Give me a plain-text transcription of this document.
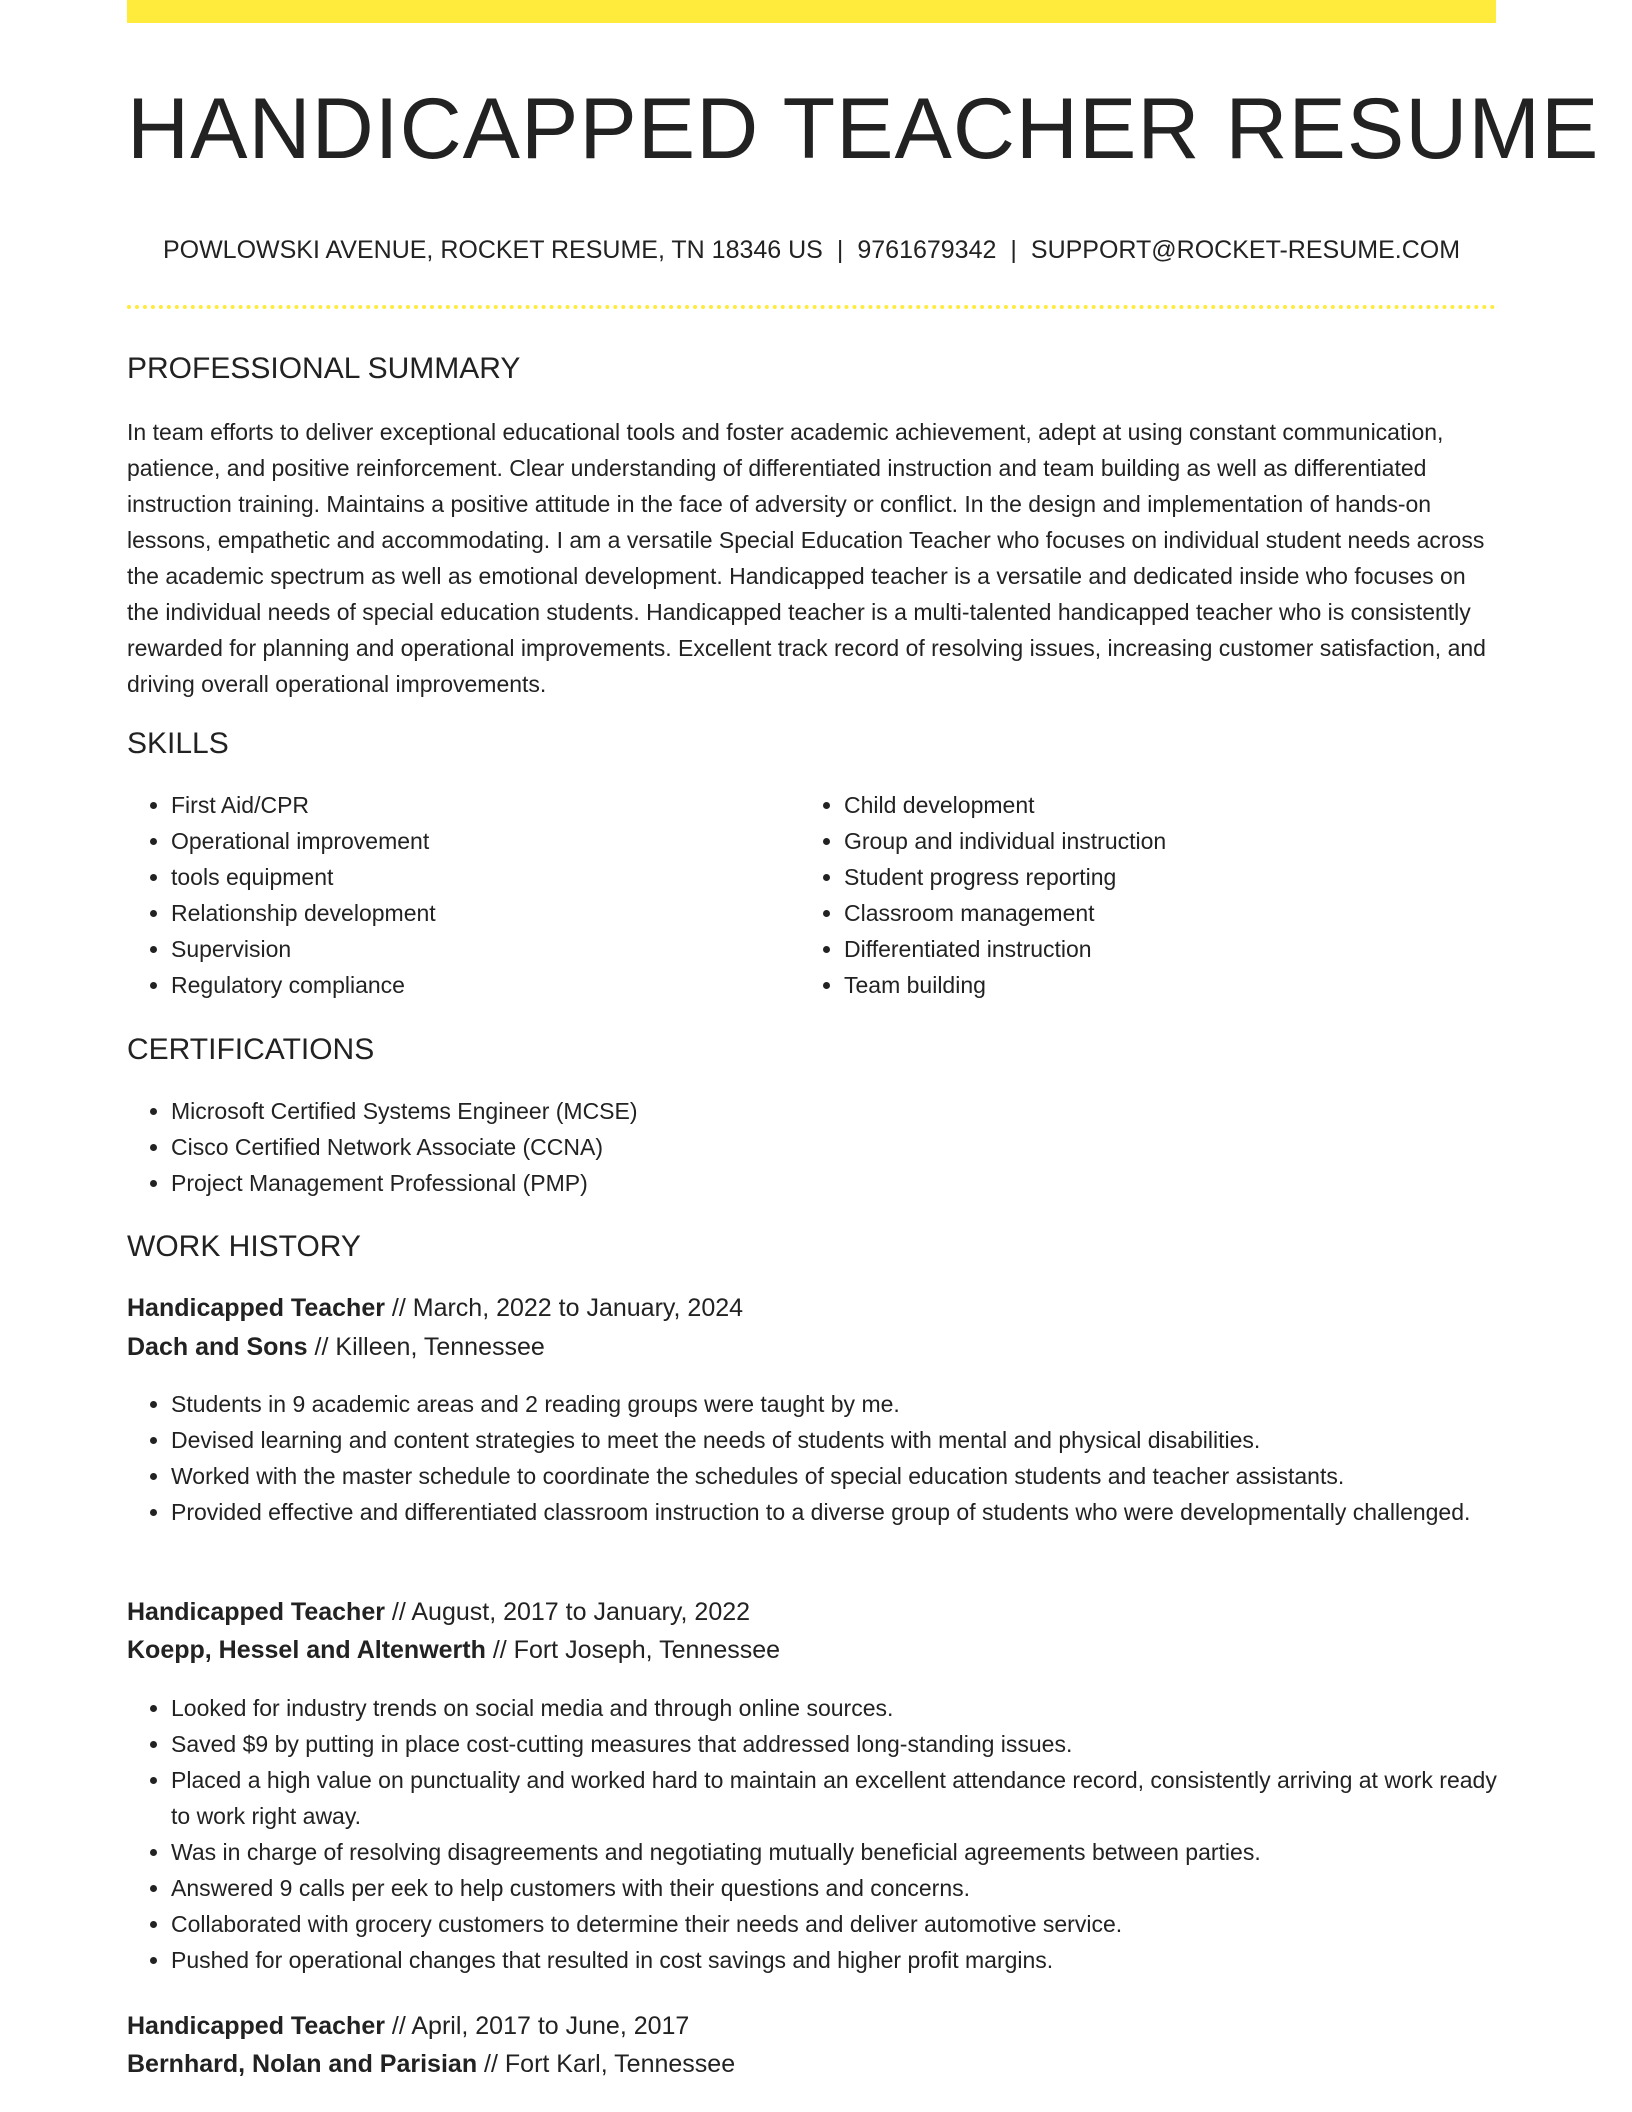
HANDICAPPED TEACHER RESUME
POWLOWSKI AVENUE, ROCKET RESUME, TN 18346 US | 9761679342 | SUPPORT@ROCKET-RESUME.COM
PROFESSIONAL SUMMARY

In team efforts to deliver exceptional educational tools and foster academic achievement, adept at using constant communication, patience, and positive reinforcement. Clear understanding of differentiated instruction and team building as well as differentiated instruction training. Maintains a positive attitude in the face of adversity or conflict. In the design and implementation of hands-on lessons, empathetic and accommodating. I am a versatile Special Education Teacher who focuses on individual student needs across the academic spectrum as well as emotional development. Handicapped teacher is a versatile and dedicated inside who focuses on the individual needs of special education students. Handicapped teacher is a multi-talented handicapped teacher who is consistently rewarded for planning and operational improvements. Excellent track record of resolving issues, increasing customer satisfaction, and driving overall operational improvements.

SKILLS
• First Aid/CPR
• Operational improvement
• tools equipment
• Relationship development
• Supervision
• Regulatory compliance
• Child development
• Group and individual instruction
• Student progress reporting
• Classroom management
• Differentiated instruction
• Team building
CERTIFICATIONS
• Microsoft Certified Systems Engineer (MCSE)
• Cisco Certified Network Associate (CCNA)
• Project Management Professional (PMP)
WORK HISTORY
Handicapped Teacher // March, 2022 to January, 2024
Dach and Sons // Killeen, Tennessee
• Students in 9 academic areas and 2 reading groups were taught by me.
• Devised learning and content strategies to meet the needs of students with mental and physical disabilities.
• Worked with the master schedule to coordinate the schedules of special education students and teacher assistants.
• Provided effective and differentiated classroom instruction to a diverse group of students who were developmentally challenged.
Handicapped Teacher // August, 2017 to January, 2022
Koepp, Hessel and Altenwerth // Fort Joseph, Tennessee
• Looked for industry trends on social media and through online sources.
• Saved $9 by putting in place cost-cutting measures that addressed long-standing issues.
• Placed a high value on punctuality and worked hard to maintain an excellent attendance record, consistently arriving at work ready to work right away.
• Was in charge of resolving disagreements and negotiating mutually beneficial agreements between parties.
• Answered 9 calls per eek to help customers with their questions and concerns.
• Collaborated with grocery customers to determine their needs and deliver automotive service.
• Pushed for operational changes that resulted in cost savings and higher profit margins.
Handicapped Teacher // April, 2017 to June, 2017
Bernhard, Nolan and Parisian // Fort Karl, Tennessee
